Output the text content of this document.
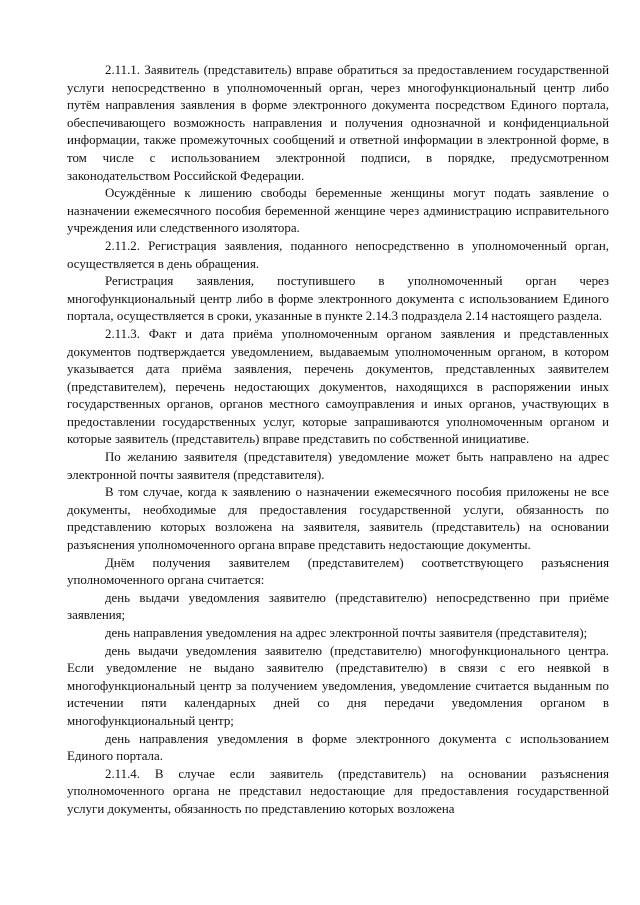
2.11.1. Заявитель (представитель) вправе обратиться за предоставлением государственной услуги непосредственно в уполномоченный орган, через многофункциональный центр либо путём направления заявления в форме электронного документа посредством Единого портала, обеспечивающего возможность направления и получения однозначной и конфиденциальной информации, также промежуточных сообщений и ответной информации в электронной форме, в том числе с использованием электронной подписи, в порядке, предусмотренном законодательством Российской Федерации.

Осуждённые к лишению свободы беременные женщины могут подать заявление о назначении ежемесячного пособия беременной женщине через администрацию исправительного учреждения или следственного изолятора.

2.11.2. Регистрация заявления, поданного непосредственно в уполномоченный орган, осуществляется в день обращения.

Регистрация заявления, поступившего в уполномоченный орган через многофункциональный центр либо в форме электронного документа с использованием Единого портала, осуществляется в сроки, указанные в пункте 2.14.3 подраздела 2.14 настоящего раздела.

2.11.3. Факт и дата приёма уполномоченным органом заявления и представленных документов подтверждается уведомлением, выдаваемым уполномоченным органом, в котором указывается дата приёма заявления, перечень документов, представленных заявителем (представителем), перечень недостающих документов, находящихся в распоряжении иных государственных органов, органов местного самоуправления и иных органов, участвующих в предоставлении государственных услуг, которые запрашиваются уполномоченным органом и которые заявитель (представитель) вправе представить по собственной инициативе.

По желанию заявителя (представителя) уведомление может быть направлено на адрес электронной почты заявителя (представителя).

В том случае, когда к заявлению о назначении ежемесячного пособия приложены не все документы, необходимые для предоставления государственной услуги, обязанность по представлению которых возложена на заявителя, заявитель (представитель) на основании разъяснения уполномоченного органа вправе представить недостающие документы.

Днём получения заявителем (представителем) соответствующего разъяснения уполномоченного органа считается:

день выдачи уведомления заявителю (представителю) непосредственно при приёме заявления;

день направления уведомления на адрес электронной почты заявителя (представителя);

день выдачи уведомления заявителю (представителю) многофункционального центра. Если уведомление не выдано заявителю (представителю) в связи с его неявкой в многофункциональный центр за получением уведомления, уведомление считается выданным по истечении пяти календарных дней со дня передачи уведомления органом в многофункциональный центр;

день направления уведомления в форме электронного документа с использованием Единого портала.

2.11.4. В случае если заявитель (представитель) на основании разъяснения уполномоченного органа не представил недостающие для предоставления государственной услуги документы, обязанность по представлению которых возложена
